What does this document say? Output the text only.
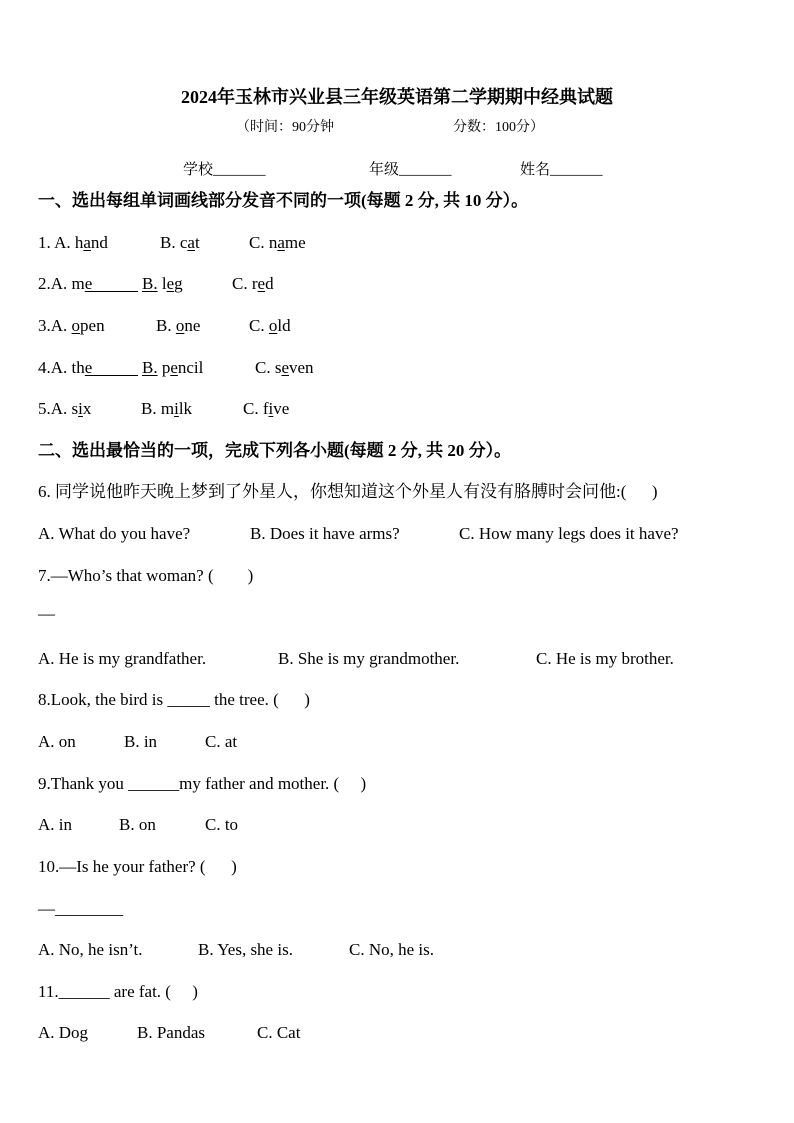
2024年玉林市兴业县三年级英语第二学期期中经典试题
（时间：90分钟	分数：100分）
学校_______	年级_______	姓名_______
一、选出每组单词画线部分发音不同的一项(每题 2 分, 共 10 分）。
1. A. hand	B. cat	C. name
2.A. me	B. leg	C. red
3.A. open	B. one	C. old
4.A. the	B. pencil	C. seven
5.A. six	B. milk	C. five
二、选出最恰当的一项，完成下列各小题(每题 2 分, 共 20 分）。
6. 同学说他昨天晚上梦到了外星人，你想知道这个外星人有没有胳膊时会问他:(      )
A. What do you have?	B. Does it have arms?	C. How many legs does it have?
7.—Who’s that woman? (        )
—
A. He is my grandfather.	B. She is my grandmother.	C. He is my brother.
8.Look, the bird is _____ the tree. (      )
A. on	B. in	C. at
9.Thank you ______my father and mother. (     )
A. in	B. on	C. to
10.—Is he your father? (      )
—________
A. No, he isn’t.	B. Yes, she is.	C. No, he is.
11.______ are fat. (     )
A. Dog	B. Pandas	C. Cat
